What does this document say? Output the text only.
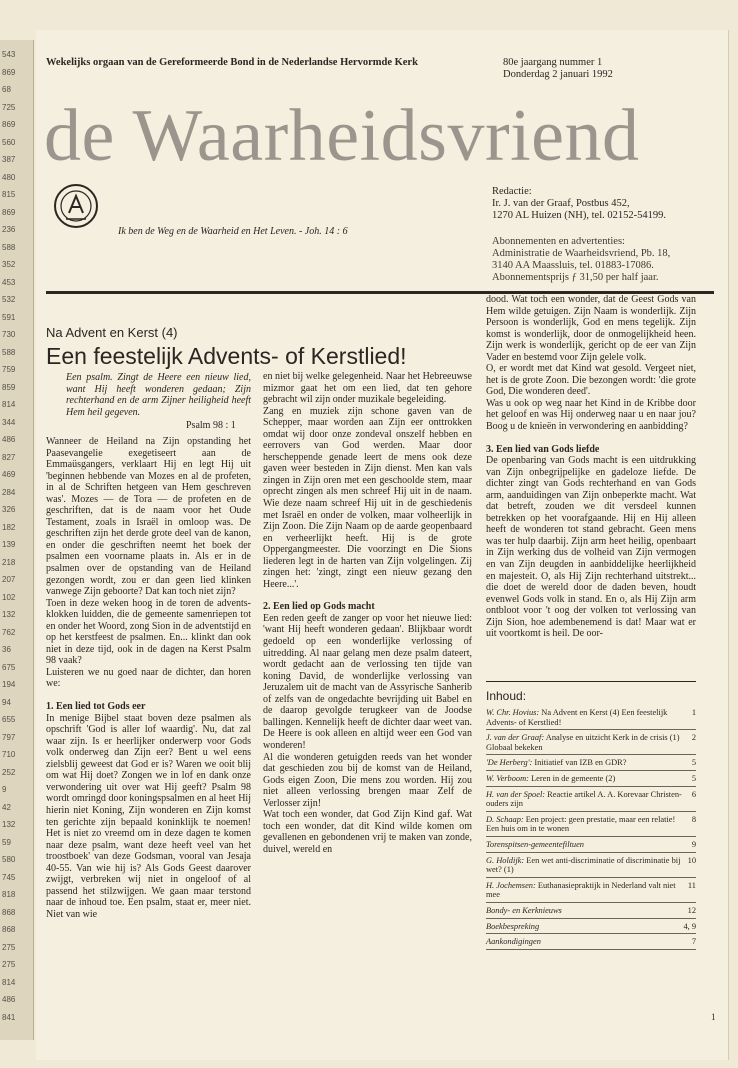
543
869
68
725
869
560
387
480
815
869
236
588
352
453
532
591
730
588
759
859
814
344
486
827
469
284
326
182
139
218
207
102
132
762
36
675
194
94
655
797
710
252
9
42
132
59
580
745
818
868
868
275
275
814
486
841
Wekelijks orgaan van de Gereformeerde Bond in de Nederlandse Hervormde Kerk	80e jaargang nummer 1
Donderdag 2 januari 1992
de Waarheidsvriend
Ik ben de Weg en de Waarheid en Het Leven. - Joh. 14 : 6
Redactie:
Ir. J. van der Graaf, Postbus 452,
1270 AL Huizen (NH), tel. 02152-54199.
Abonnementen en advertenties:
Administratie de Waarheidsvriend, Pb. 18,
3140 AA Maassluis, tel. 01883-17086.
Abonnementsprijs ƒ 31,50 per half jaar.
Na Advent en Kerst (4)
Een feestelijk Advents- of Kerstlied!
Een psalm. Zingt de Heere een nieuw lied, want Hij heeft wonderen gedaan; Zijn rechterhand en de arm Zijner heiligheid heeft Hem heil gegeven.
Psalm 98 : 1

Wanneer de Heiland na Zijn opstanding het Paasevangelie exegetiseert aan de Emmaüsgangers, verklaart Hij en legt Hij uit 'beginnen hebbende van Mozes en al de profeten, in al de Schriften hetgeen van Hem geschreven was'. Mozes — de Tora — de profeten en de geschriften, dat is de naam voor het Oude Testament, zoals in Israël in omloop was. De geschriften zijn het derde grote deel van de kanon, en onder die geschriften neemt het boek der psalmen een voorname plaats in. Als er in de psalmen over de opstanding van de Heiland gezongen wordt, zou er dan geen lied klinken vanwege Zijn geboorte? Dat kan toch niet zijn?

Toen in deze weken hoog in de toren de adventsklokken luidden, die de gemeente samenriepen tot en onder het Woord, zong Sion in de adventstijd en op het kerstfeest de psalmen. En... klinkt dan ook niet in deze tijd, ook in de dagen na Kerst Psalm 98 vaak?

Luisteren we nu goed naar de dichter, dan horen we:

1. Een lied tot Gods eer

In menige Bijbel staat boven deze psalmen als opschrift 'God is aller lof waardig'. Nu, dat zal waar zijn. Is er heerlijker onderwerp voor Gods volk onderweg dan Zijn eer? Bent u wel eens zielsblij geweest dat God er is? Waren we ooit blij om wat Hij doet? Zongen we in lof en dank onze verwondering uit over wat Hij geeft? Psalm 98 wordt omringd door koningspsalmen en al heet Hij hierin niet Koning, Zijn wonderen en Zijn komst ten gerichte zijn bepaald koninklijk te noemen! Het is niet zo vreemd om in deze dagen te komen naar deze psalm, want deze heeft veel van het troostboek' van deze Godsman, vooral van Jesaja 40-55. Van wie hij is? Als Gods Geest daarover zwijgt, verbreken wij niet in ongeloof of al passend het stilzwijgen. We gaan maar terstond naar de inhoud toe. Een psalm, staat er, meer niet. Niet van wie

en niet bij welke gelegenheid. Naar het Hebreeuwse mizmor gaat het om een lied, dat ten gehore gebracht wil zijn onder muzikale begeleiding.

Zang en muziek zijn schone gaven van de Schepper, maar worden aan Zijn eer onttrokken omdat wij door onze zondeval onszelf hebben en eerrovers van God werden. Maar door herscheppende genade leert de mens ook deze gaven weer besteden in Zijn dienst. Men kan vals zingen in Zijn oren met een geschoolde stem, maar oprecht zingen als men schreef Hij uit in de naam. Wie deze naam schreef Hij uit in de geschiedenis met Israël en onder de volken, maar volheerlijk in Zijn Zoon. Die Zijn Naam op de aarde geopenbaard en verheerlijkt heeft. Hij is de grote Oppergangmeester. Die voorzingt en Die Sions liederen legt in de harten van Zijn volgelingen. Zij zingen het: 'zingt, zingt een nieuw gezang den Heere...'.

2. Een lied op Gods macht

Een reden geeft de zanger op voor het nieuwe lied: 'want Hij heeft wonderen gedaan'. Blijkbaar wordt gedoeld op een wonderlijke verlossing of uitredding. Al naar gelang men deze psalm dateert, wordt gedacht aan de verlossing ten tijde van koning David, de wonderlijke verlossing van Jeruzalem uit de macht van de Assyrische Sanherib of zelfs van de ongedachte bevrijding uit Babel en de daarop gevolgde terugkeer van de Joodse ballingen. Kennelijk heeft de dichter daar weet van. De Heere is ook alleen en altijd weer een God van wonderen!

Al die wonderen getuigden reeds van het wonder dat geschieden zou bij de komst van de Heiland, Gods eigen Zoon, Die mens zou worden. Hij zou niet alleen verlossing brengen maar Zelf de Verlosser zijn!

Wat toch een wonder, dat God Zijn Kind gaf. Wat toch een wonder, dat dit Kind wilde komen om gevallenen en gebondenen vrij te maken van zonde, duivel, wereld en

dood. Wat toch een wonder, dat de Geest Gods van Hem wilde getuigen. Zijn Naam is wonderlijk. Zijn Persoon is wonderlijk, God en mens tegelijk. Zijn komst is wonderlijk, door de onmogelijkheid heen. Zijn werk is wonderlijk, gericht op de eer van Zijn Vader en bestemd voor Zijn gelele volk.

O, er wordt met dat Kind wat gesold. Vergeet niet, het is de grote Zoon. Die bezongen wordt: 'die grote God, Die wonderen deed'.

Was u ook op weg naar het Kind in de Kribbe door het geloof en was Hij onderweg naar u en naar jou? Boog u de knieën in verwondering en aanbidding?

3. Een lied van Gods liefde

De openbaring van Gods macht is een uitdrukking van Zijn onbegrijpelijke en gadeloze liefde. De dichter zingt van Gods rechterhand en van Gods arm, aanduidingen van Zijn onbeperkte macht. Wat dat betreft, zouden we dit versdeel kunnen betrekken op het voorafgaande. Hij en Hij alleen heeft de wonderen tot stand gebracht. Geen mens was ter hulp daarbij. Zijn arm heet heilig, openbaart in Zijn werking dus de volheid van Zijn vermogen en van Zijn deugden in aanbiddelijke heerlijkheid en majesteit. O, als Hij Zijn rechterhand uitstrekt... die doet de wereld door de daden beven, houdt evenwel Gods volk in stand. En o, als Hij Zijn arm ontbloot voor 't oog der volken tot verlossing van Zijn Sion, hoe adembenemend is dat! Maar wat er uit voortkomt is heil. De oor-

Inhoud:
W. Chr. Hovius: Na Advent en Kerst (4) Een feestelijk Advents- of Kerstlied!
1
J. van der Graaf: Analyse en uitzicht Kerk in de crisis (1) Globaal bekeken
2
'De Herberg': Initiatief van IZB en GDR?	5
W. Verboom: Leren in de gemeente (2)	5
H. van der Spoel: Reactie artikel A. A. Korevaar Christen-ouders zijn
6
D. Schaap: Een project: geen prestatie, maar een relatie! Een huis om in te wonen
8
Torenspitsen-gemeentefiltuen	9
G. Holdijk: Een wet anti-discriminatie of discriminatie bij wet? (1)
10
H. Jochemsen: Euthanasiepraktijk in Nederland valt niet mee
11
Bondy- en Kerknieuws	12
Boekbespreking	4, 9
Aankondigingen	7
1
